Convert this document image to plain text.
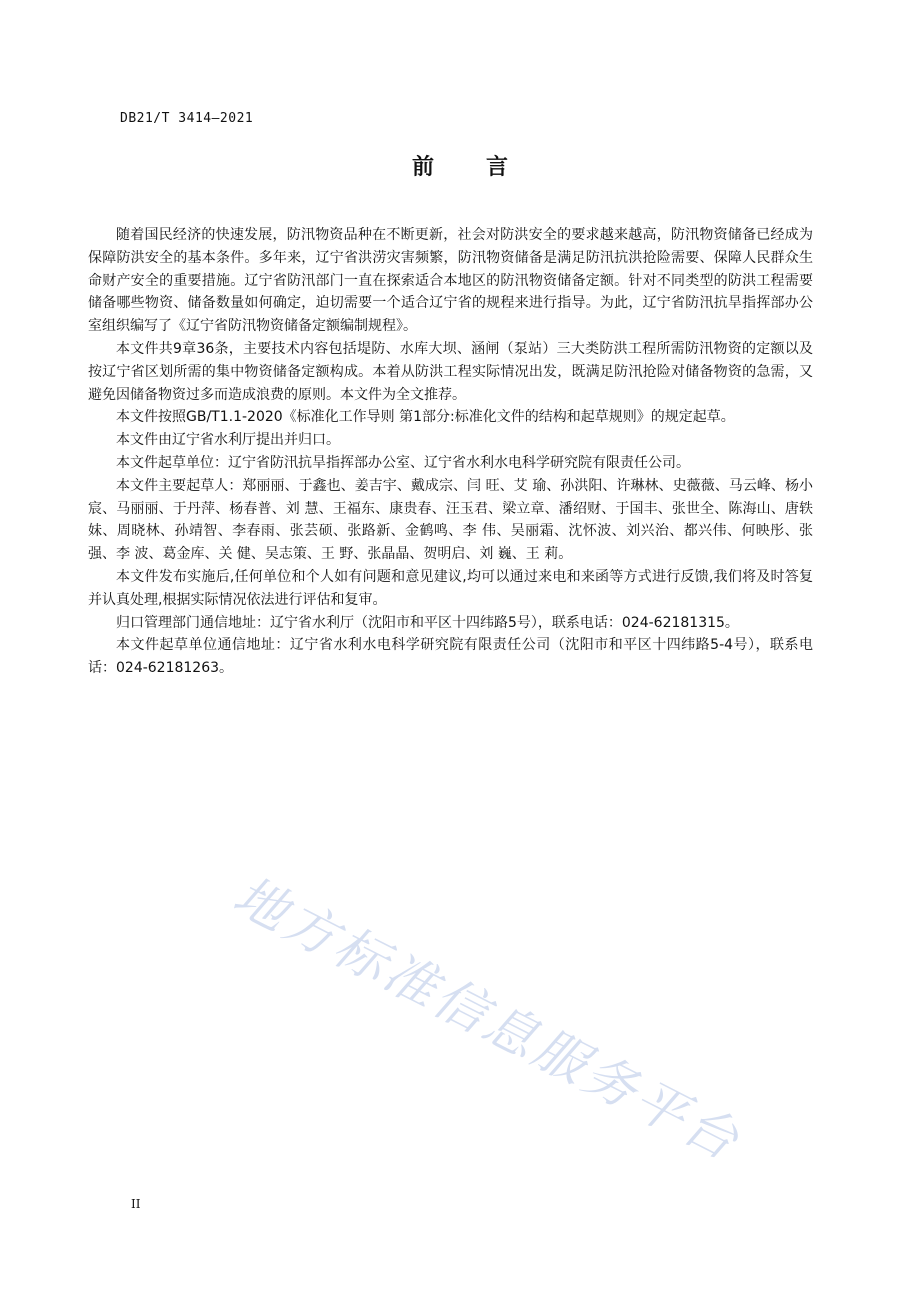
DB21/T 3414—2021
前言

随着国民经济的快速发展，防汛物资品种在不断更新，社会对防洪安全的要求越来越高，防汛物资储备已经成为保障防洪安全的基本条件。多年来，辽宁省洪涝灾害频繁，防汛物资储备是满足防汛抗洪抢险需要、保障人民群众生命财产安全的重要措施。辽宁省防汛部门一直在探索适合本地区的防汛物资储备定额。针对不同类型的防洪工程需要储备哪些物资、储备数量如何确定，迫切需要一个适合辽宁省的规程来进行指导。为此，辽宁省防汛抗旱指挥部办公室组织编写了《辽宁省防汛物资储备定额编制规程》。

本文件共9章36条，主要技术内容包括堤防、水库大坝、涵闸（泵站）三大类防洪工程所需防汛物资的定额以及按辽宁省区划所需的集中物资储备定额构成。本着从防洪工程实际情况出发，既满足防汛抢险对储备物资的急需，又避免因储备物资过多而造成浪费的原则。本文件为全文推荐。

本文件按照GB/T1.1-2020《标准化工作导则 第1部分:标准化文件的结构和起草规则》的规定起草。

本文件由辽宁省水利厅提出并归口。

本文件起草单位：辽宁省防汛抗旱指挥部办公室、辽宁省水利水电科学研究院有限责任公司。

本文件主要起草人：郑丽丽、于鑫也、姜吉宇、戴成宗、闫 旺、艾 瑜、孙洪阳、许琳林、史薇薇、马云峰、杨小宸、马丽丽、于丹萍、杨春普、刘 慧、王福东、康贵春、汪玉君、梁立章、潘绍财、于国丰、张世全、陈海山、唐轶妹、周晓林、孙靖智、李春雨、张芸硕、张路新、金鹤鸣、李 伟、吴丽霜、沈怀波、刘兴治、都兴伟、何映彤、张 强、李 波、葛金库、关 健、吴志策、王 野、张晶晶、贺明启、刘 巍、王 莉。

本文件发布实施后,任何单位和个人如有问题和意见建议,均可以通过来电和来函等方式进行反馈,我们将及时答复并认真处理,根据实际情况依法进行评估和复审。

归口管理部门通信地址：辽宁省水利厅（沈阳市和平区十四纬路5号），联系电话：024-62181315。

本文件起草单位通信地址：辽宁省水利水电科学研究院有限责任公司（沈阳市和平区十四纬路5-4号），联系电话：024-62181263。

地方标准信息服务平台
II
